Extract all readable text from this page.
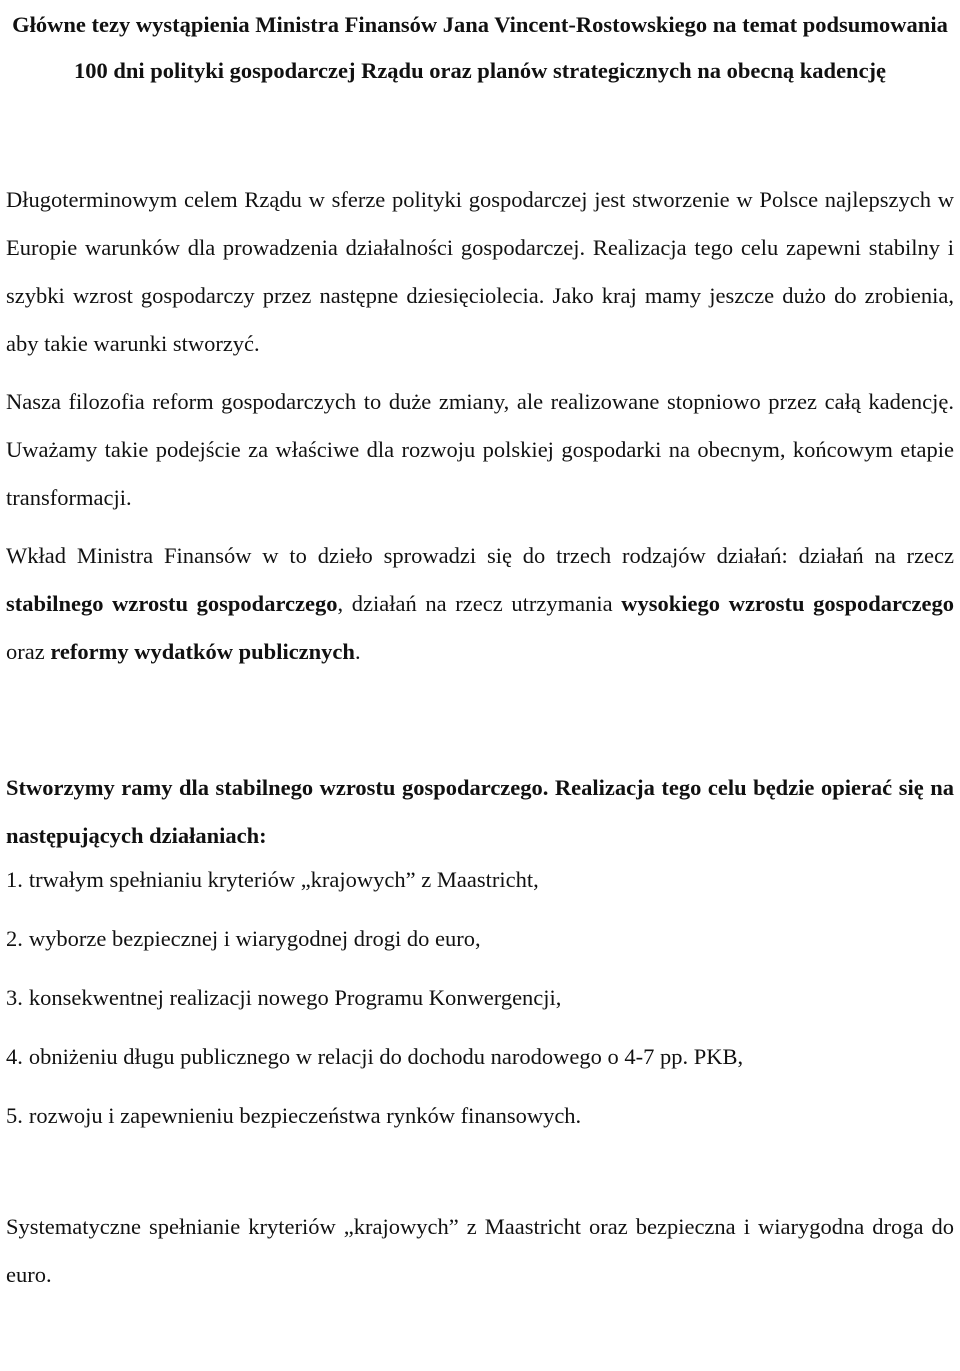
Główne tezy wystąpienia Ministra Finansów Jana Vincent-Rostowskiego na temat podsumowania 100 dni polityki gospodarczej Rządu oraz planów strategicznych na obecną kadencję

Długoterminowym celem Rządu w sferze polityki gospodarczej jest stworzenie w Polsce najlepszych w Europie warunków dla prowadzenia działalności gospodarczej. Realizacja tego celu zapewni stabilny i szybki wzrost gospodarczy przez następne dziesięciolecia. Jako kraj mamy jeszcze dużo do zrobienia, aby takie warunki stworzyć.

Nasza filozofia reform gospodarczych to duże zmiany, ale realizowane stopniowo przez całą kadencję. Uważamy takie podejście za właściwe dla rozwoju polskiej gospodarki na obecnym, końcowym etapie transformacji.

Wkład Ministra Finansów w to dzieło sprowadzi się do trzech rodzajów działań: działań na rzecz stabilnego wzrostu gospodarczego, działań na rzecz utrzymania wysokiego wzrostu gospodarczego oraz reformy wydatków publicznych.

Stworzymy ramy dla stabilnego wzrostu gospodarczego. Realizacja tego celu będzie opierać się na następujących działaniach:

1. trwałym spełnianiu kryteriów „krajowych” z Maastricht,
2. wyborze bezpiecznej i wiarygodnej drogi do euro,
3. konsekwentnej realizacji nowego Programu Konwergencji,
4. obniżeniu długu publicznego w relacji do dochodu narodowego o 4-7 pp. PKB,
5. rozwoju i zapewnieniu bezpieczeństwa rynków finansowych.

Systematyczne spełnianie kryteriów „krajowych” z Maastricht oraz bezpieczna i wiarygodna droga do euro.
